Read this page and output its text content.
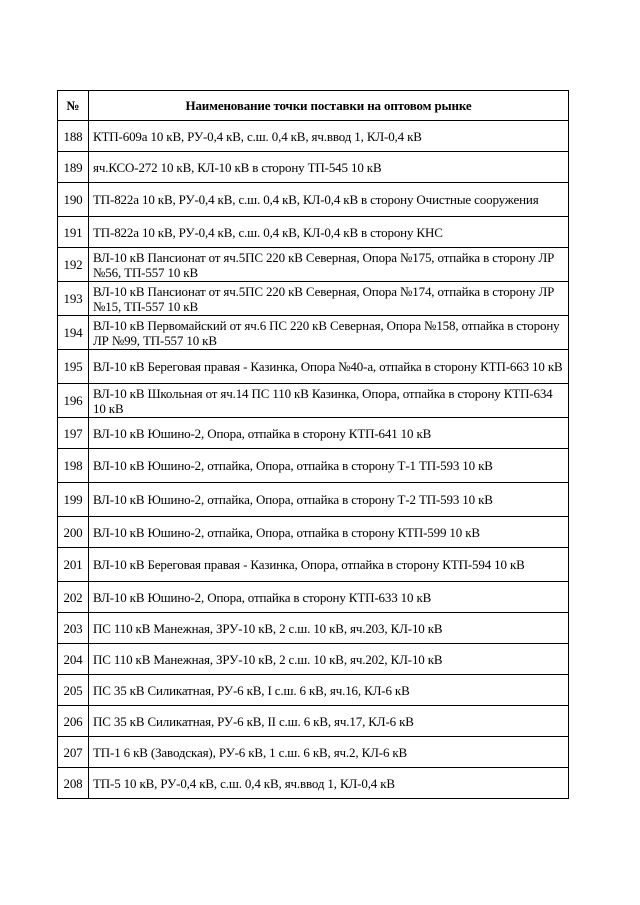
№	Наименование точки поставки на оптовом рынке
188	КТП-609а 10 кВ, РУ-0,4 кВ, с.ш. 0,4 кВ, яч.ввод 1, КЛ-0,4 кВ
189	яч.КСО-272 10 кВ, КЛ-10 кВ в сторону ТП-545 10 кВ
190	ТП-822а 10 кВ, РУ-0,4 кВ, с.ш. 0,4 кВ, КЛ-0,4 кВ в сторону Очистные сооружения
191	ТП-822а 10 кВ, РУ-0,4 кВ, с.ш. 0,4 кВ, КЛ-0,4 кВ в сторону КНС
192	ВЛ-10 кВ Пансионат от яч.5ПС 220 кВ Северная, Опора №175, отпайка в сторону ЛР №56, ТП-557 10 кВ
193	ВЛ-10 кВ Пансионат от яч.5ПС 220 кВ Северная, Опора №174, отпайка в сторону ЛР №15, ТП-557 10 кВ
194	ВЛ-10 кВ Первомайский от яч.6 ПС 220 кВ Северная, Опора №158, отпайка в сторону ЛР №99, ТП-557 10 кВ
195	ВЛ-10 кВ Береговая правая - Казинка, Опора №40-а, отпайка в сторону КТП-663 10 кВ
196	ВЛ-10 кВ Школьная от яч.14 ПС 110 кВ Казинка, Опора, отпайка в сторону КТП-634 10 кВ
197	ВЛ-10 кВ Юшино-2, Опора, отпайка в сторону КТП-641 10 кВ
198	ВЛ-10 кВ Юшино-2, отпайка, Опора, отпайка в сторону Т-1 ТП-593 10 кВ
199	ВЛ-10 кВ Юшино-2, отпайка, Опора, отпайка в сторону Т-2 ТП-593 10 кВ
200	ВЛ-10 кВ Юшино-2, отпайка, Опора, отпайка в сторону КТП-599 10 кВ
201	ВЛ-10 кВ Береговая правая - Казинка, Опора, отпайка в сторону КТП-594 10 кВ
202	ВЛ-10 кВ Юшино-2, Опора, отпайка в сторону КТП-633 10 кВ
203	ПС 110 кВ Манежная, ЗРУ-10 кВ, 2 с.ш. 10 кВ, яч.203, КЛ-10 кВ
204	ПС 110 кВ Манежная, ЗРУ-10 кВ, 2 с.ш. 10 кВ, яч.202, КЛ-10 кВ
205	ПС 35 кВ Силикатная, РУ-6 кВ, I с.ш. 6 кВ, яч.16, КЛ-6 кВ
206	ПС 35 кВ Силикатная, РУ-6 кВ, II с.ш. 6 кВ, яч.17, КЛ-6 кВ
207	ТП-1 6 кВ (Заводская), РУ-6 кВ, 1 с.ш. 6 кВ, яч.2, КЛ-6 кВ
208	ТП-5 10 кВ, РУ-0,4 кВ, с.ш. 0,4 кВ, яч.ввод 1, КЛ-0,4 кВ
